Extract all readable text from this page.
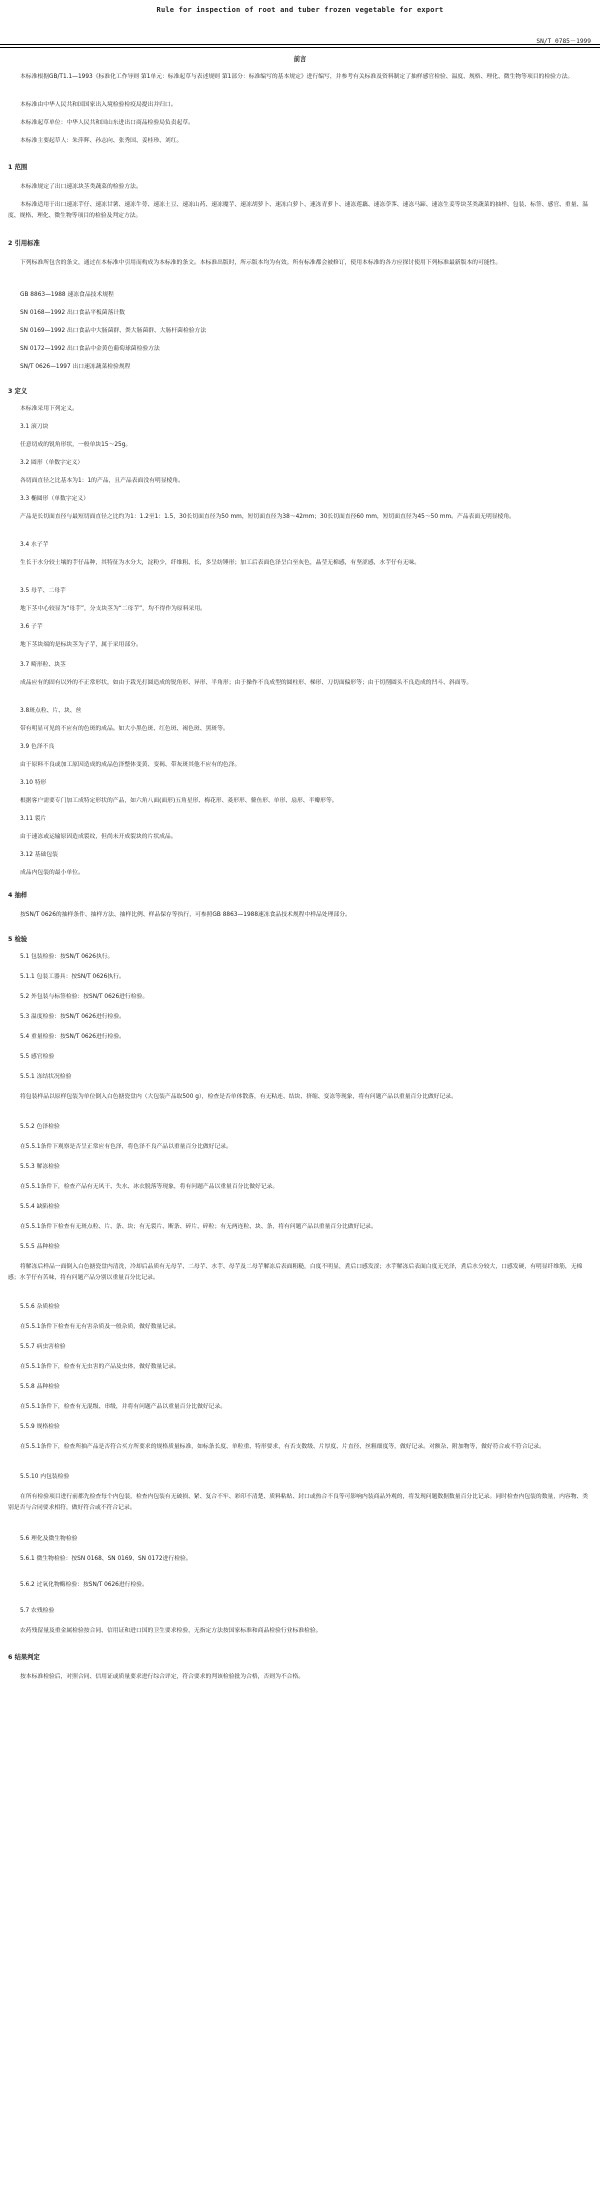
Rule for inspection of root and tuber frozen vegetable for export
SN/T 0785－1999
前言
本标准根据GB/T1.1—1993《标准化工作导则 第1单元：标准起草与表述规则 第1部分：标准编写的基本规定》进行编写，并参考有关标准及资料制定了抽样感官检验、温度、规格、理化、微生物等项目的检验方法。
本标准由中华人民共和国国家出入境检验检疫局提出并归口。
本标准起草单位：中华人民共和国山东进出口商品检验局负责起草。
本标准主要起草人：朱萍辉、孙志向、张秀国、姜桂珍、刘红。
1 范围
本标准规定了出口速冻块茎类蔬菜的检验方法。
本标准适用于出口速冻芋仔、速冻甘薯、速冻牛蒡、速冻土豆、速冻山药、速冻魔芋、速冻胡萝卜、速冻白萝卜、速冻青萝卜、速冻莲藕、速冻荸荠、速冻马蹄、速冻生姜等块茎类蔬菜的抽样、包装、标签、感官、重量、温度、规格、理化、微生物等项目的检验及判定方法。
2 引用标准
下列标准所包含的条文，通过在本标准中引用而构成为本标准的条文。本标准出版时，所示版本均为有效。所有标准都会被修订，使用本标准的各方应探讨使用下列标准最新版本的可能性。
GB 8863—1988 速冻食品技术规程
SN 0168—1992 出口食品平板菌落计数
SN 0169—1992 出口食品中大肠菌群、粪大肠菌群、大肠杆菌检验方法
SN 0172—1992 出口食品中金黄色葡萄球菌检验方法
SN/T 0626—1997 出口速冻蔬菜检验规程
3 定义
本标准采用下列定义。
3.1 滚刀块
任意切成的锐角形状，一般单块15～25g。
3.2 圆形（单数字定义）
各切面直径之比基本为1：1的产品，且产品表面没有明显棱角。
3.3 椭圆形（单数字定义）
产品是长切面直径与最短切面直径之比约为1：1.2至1：1.5，30长切面直径为50 mm，短切面直径为38～42mm；30长切面直径60 mm，短切面直径为45～50 mm。产品表面无明显棱角。
3.4 水子芋
生长于水分较土壤的芋仔品种，其特征为水分大，淀粉少，纤维粗、长，多呈纺锤形；加工后表面色泽呈白至灰色，晶莹无棉感，有坚涩感，水芋仔有无味。
3.5 母芋、二母芋
地下茎中心较显为“母芋”，分支块茎为“二母芋”，均不得作为原料采用。
3.6 子芋
地下茎块端的是标块茎为子芋，属于采用部分。
3.7 畸形粒、块茎
成品应有的固有以外的不正常形状，如由于栽光打圆造成的锐角形、异形、半角形；由于操作不良成型的圆柱形、梯形、刀切面偏形等；由于切削圆头不良造成的凹斗、斜面等。
3.8斑点粒、片、块、丝
带有明显可见的不应有的色斑的成品。如大小黑色斑、红色斑、褐色斑、黑斑等。
3.9 色泽不良
由于原料不良或加工原因造成的成品色泽整体变黄、变褐、带灰斑其他不应有的色泽。
3.10 特形
根据客户需要专门加工成特定形状的产品，如六角八面(面形)五角星形、梅花形、菱形形、鳌鱼形、单形、扇形、半瓣形等。
3.11 裂片
由于速冻或运输原因造成裂纹，但尚未开成裂块的片状成品。
3.12 基础包装
成品内包装的最小单位。
4 抽样
按SN/T 0626的抽样条件、抽样方法、抽样比例、样品保存等执行，可参照GB 8863—1988速冻食品技术规程中样品处理部分。
5 检验
5.1 包装检验：按SN/T 0626执行。
5.1.1 包装工器具：按SN/T 0626执行。
5.2 外包装与标签检验：按SN/T 0626进行检验。
5.3 温度检验：按SN/T 0626进行检验。
5.4 重量检验：按SN/T 0626进行检验。
5.5 感官检验
5.5.1 冻结状况检验
将包装样品以原样包装为单位倒入白色搪瓷盘内（大包装产品取500 g），检查是否单体散落，有无粘连、结块、挤缩、变冻等现象，将有问题产品以重量百分比做好记录。
5.5.2 色泽检验
在5.5.1条件下观察是否呈正常应有色泽，将色泽不良产品以重量百分比做好记录。
5.5.3 解冻检验
在5.5.1条件下，检查产品有无风干、失水、冰衣脱落等现象，将有问题产品以重量百分比做好记录。
5.5.4 缺陷检验
在5.5.1条件下检查有无斑点粒、片、条、块；有无裂片、断条、碎片、碎粒；有无两连粒、块、条，将有问题产品以重量百分比做好记录。
5.5.5 品种检验
将解冻后样品一面倒入白色搪瓷盘内清洗，冷却后品质有无母芋、二母芋、水芋、母芋及二母芋解冻后表面粗糙，白度不明显，煮后口感发涩；水芋解冻后表面白度无光泽，煮后水分较大，口感发硬，有明显纤维筋，无棉感；水芋仔有苦味，将有问题产品分别以重量百分比记录。
5.5.6 杂质检验
在5.5.1条件下检查有无有害杂质及一般杂质，做好数量记录。
5.5.7 病虫害检验
在5.5.1条件下，检查有无虫害的产品及虫体，做好数量记录。
5.5.8 品种检验
在5.5.1条件下，检查有无混级、串级，并将有问题产品以重量百分比做好记录。
5.5.9 规格检验
在5.5.1条件下，检查所抽产品是否符合买方所要求的规格质量标准，如标条长度、单粒重、特形要求，有否支数级、片厚度、片直径、丝粗细度等，做好记录。对额杂、附加物等，做好符合或不符合记录。
5.5.10 内包装检验
在所有检验项目进行前都先检查每个内包装，检查内包装有无破损、紧、复合不牢、彩印不清楚、质料粘贴、封口或热合不良等可影响内装商品外观的，将发现问题数据数量百分比记录。同时检查内包装的数量，内容物、类别是否与合同要求相符，做好符合或不符合记录。
5.6 理化及微生物检验
5.6.1 微生物检验：按SN 0168、SN 0169、SN 0172进行检验。
5.6.2 过氧化物酶检验：按SN/T 0626进行检验。
5.7 农残检验
农药残留量及重金属检验按合同、信用证和进口国的卫生要求检验，无指定方法按国家标准和商品检验行业标准检验。
6 结果判定
按本标准检验后，对照合同、信用证或质量要求进行综合评定，符合要求的判该检验批为合格，否则为不合格。
